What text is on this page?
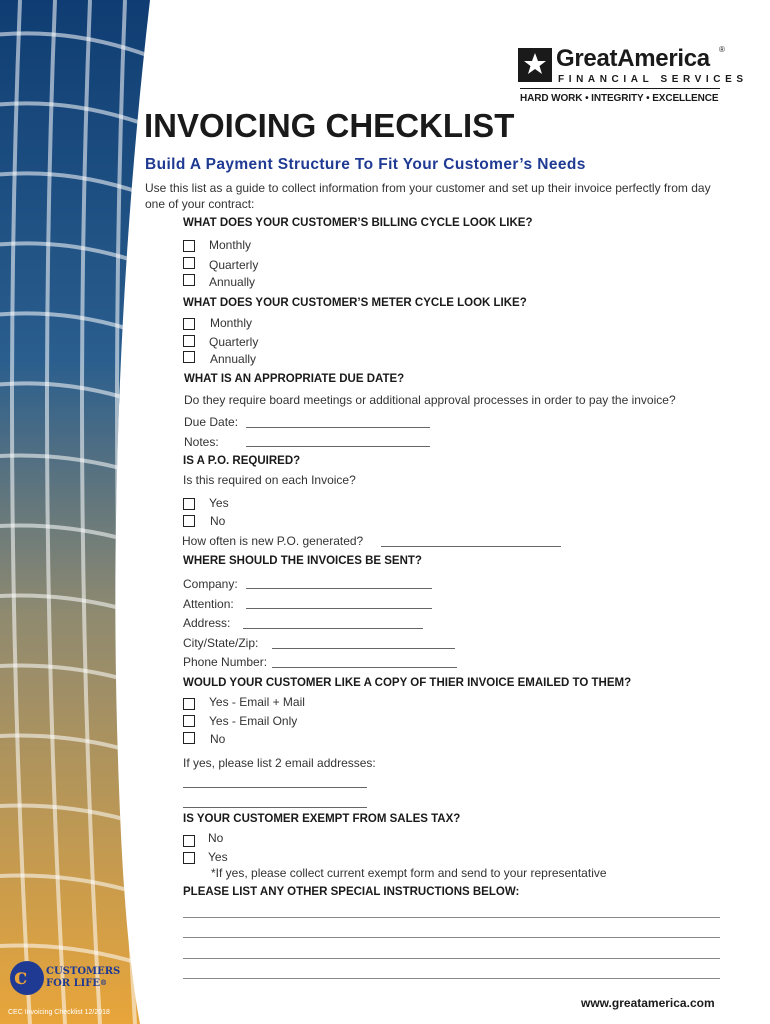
GreatAmerica ®
FINANCIAL SERVICES
HARD WORK • INTEGRITY • EXCELLENCE
INVOICING CHECKLIST
Build A Payment Structure To Fit Your Customer’s Needs
Use this list as a guide to collect information from your customer and set up their invoice perfectly from day one of your contract:
WHAT DOES YOUR CUSTOMER’S BILLING CYCLE LOOK LIKE?
Monthly
Quarterly
Annually
WHAT DOES YOUR CUSTOMER’S METER CYCLE LOOK LIKE?
Monthly
Quarterly
Annually
WHAT IS AN APPROPRIATE DUE DATE?
Do they require board meetings or additional approval processes in order to pay the invoice?
Due Date:
Notes:
IS A P.O. REQUIRED?
Is this required on each Invoice?
Yes
No
How often is new P.O. generated?
WHERE SHOULD THE INVOICES BE SENT?
Company:
Attention:
Address:
City/State/Zip:
Phone Number:
WOULD YOUR CUSTOMER LIKE A COPY OF THIER INVOICE EMAILED TO THEM?
Yes - Email + Mail
Yes - Email Only
No
If yes, please list 2 email addresses:
IS YOUR CUSTOMER EXEMPT FROM SALES TAX?
No
Yes
*If yes, please collect current exempt form and send to your representative
PLEASE LIST ANY OTHER SPECIAL INSTRUCTIONS BELOW:
c CUSTOMERS
FOR LIFE®
CEC Invoicing Checklist 12/2018
www.greatamerica.com
